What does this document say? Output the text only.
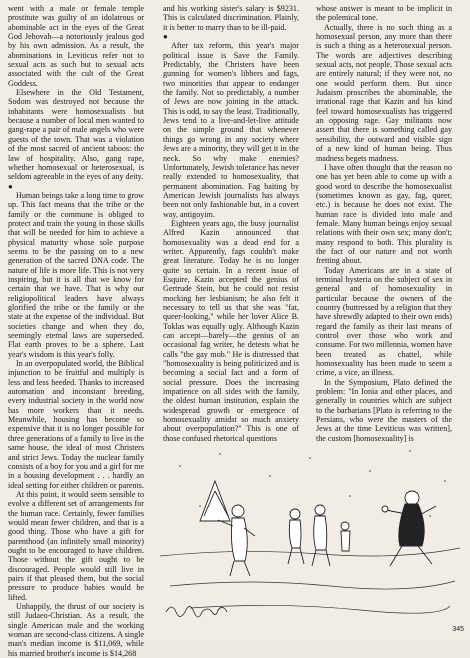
went with a male or female temple prostitute was guilty of an idolatrous or abominable act in the eyes of the Great God Jehovah—a notoriously jealous god by his own admission. As a result, the abominations in Leviticus refer not to sexual acts as such but to sexual acts associated with the cult of the Great Goddess.

Elsewhere in the Old Testament, Sodom was destroyed not because the inhabitants were homosexualists but because a number of local men wanted to gang-rape a pair of male angels who were guests of the town. That was a violation of the most sacred of ancient taboos: the law of hospitality. Also, gang rape, whether homosexual or heterosexual, is seldom agreeable in the eyes of any deity.

●

Human beings take a long time to grow up. This fact means that the tribe or the family or the commune is obliged to protect and train the young in those skills that will be needed for him to achieve a physical maturity whose sole purpose seems to be the passing on to a new generation of the sacred DNA code. The nature of life is more life. This is not very inspiring, but it is all that we know for certain that we have. That is why our religiopolitical leaders have always glorified the tribe or the family or the state at the expense of the individual. But societies change and when they do, seemingly eternal laws are superseded. Flat earth proves to be a sphere. Last year's wisdom is this year's folly.

In an overpopulated world, the Biblical injunction to be fruitful and multiply is less and less heeded. Thanks to increased automation and inconstant breeding, every industrial society in the world now has more workers than it needs. Meanwhile, housing has become so expensive that it is no longer possible for three generations of a family to live in the same house, the ideal of most Christers and strict Jews. Today the nuclear family consists of a boy for you and a girl for me in a housing development . . . hardly an ideal setting for either children or parents.

At this point, it would seem sensible to evolve a different set of arrangements for the human race. Certainly, fewer families would mean fewer children, and that is a good thing. Those who have a gift for parenthood (an infinitely small minority) ought to be encouraged to have children. Those without the gift ought to be discouraged. People would still live in pairs if that pleased them, but the social pressure to produce babies would be lifted.

Unhappily, the thrust of our society is still Judaeo-Christian. As a result, the single American male and the working woman are second-class citizens. A single man's median income is $11,069, while his married brother's income is $14,268

and his working sister's salary is $9231. This is calculated discrimination. Plainly, it is better to marry than to be ill-paid.

●

After tax reform, this year's major political issue is Save the Family. Predictably, the Christers have been gunning for women's libbers and fags, two minorities that appear to endanger the family. Not so predictably, a number of Jews are now joining in the attack. This is odd, to say the least. Traditionally, Jews tend to a live-and-let-live attitude on the simple ground that whenever things go wrong in any society where Jews are a minority, they will get it in the neck. So why make enemies? Unfortunately, Jewish tolerance has never really extended to homosexuality, that permanent abomination. Fag baiting by American Jewish journalists has always been not only fashionable but, in a covert way, antigoyim.

Eighteen years ago, the busy journalist Alfred Kazin announced that homosexuality was a dead end for a writer. Apparently, fags couldn't make great literature. Today he is no longer quite so certain. In a recent issue of Esquire, Kazin accepted the genius of Gertrude Stein, but he could not resist mocking her lesbianism; he also felt it necessary to tell us that she was "fat, queer-looking," while her lover Alice B. Toklas was equally ugly. Although Kazin can accept—barely—the genius of an occasional fag writer, he detests what he calls "the gay mob." He is distressed that "homosexuality is being politicized and is becoming a social fact and a form of social pressure. Does the increasing impatience on all sides with the family, the oldest human institution, explain the widespread growth or emergence of homosexuality amidst so much anxiety about overpopulation?" This is one of those confused rhetorical questions

whose answer is meant to be implicit in the polemical tone.

Actually, there is no such thing as a homosexual person, any more than there is such a thing as a heterosexual person. The words are adjectives describing sexual acts, not people. Those sexual acts are entirely natural; if they were not, no one would perform them. But since Judaism proscribes the abominable, the irrational rage that Kazin and his kind feel toward homosexualists has triggered an opposing rage. Gay militants now assert that there is something called gay sensibility, the outward and visible sign of a new kind of human being. Thus madness begets madness.

I have often thought that the reason no one has yet been able to come up with a good word to describe the homosexualist (sometimes known as gay, fag, queer, etc.) is because he does not exist. The human race is divided into male and female. Many human beings enjoy sexual relations with their own sex; many don't; many respond to both. This plurality is the fact of our nature and not worth fretting about.

Today Americans are in a state of terminal hysteria on the subject of sex in general and of homosexuality in particular because the owners of the country (buttressed by a religion that they have shrewdly adapted to their own ends) regard the family as their last means of control over those who work and consume. For two millennia, women have been treated as chattel, while homosexuality has been made to seem a crime, a vice, an illness.

In the Symposium, Plato defined the problem: "In Ionia and other places, and generally in countries which are subject to the barbarians [Plato is referring to the Persians, who were the masters of the Jews at the time Leviticus was written], the custom [homosexuality] is

345
